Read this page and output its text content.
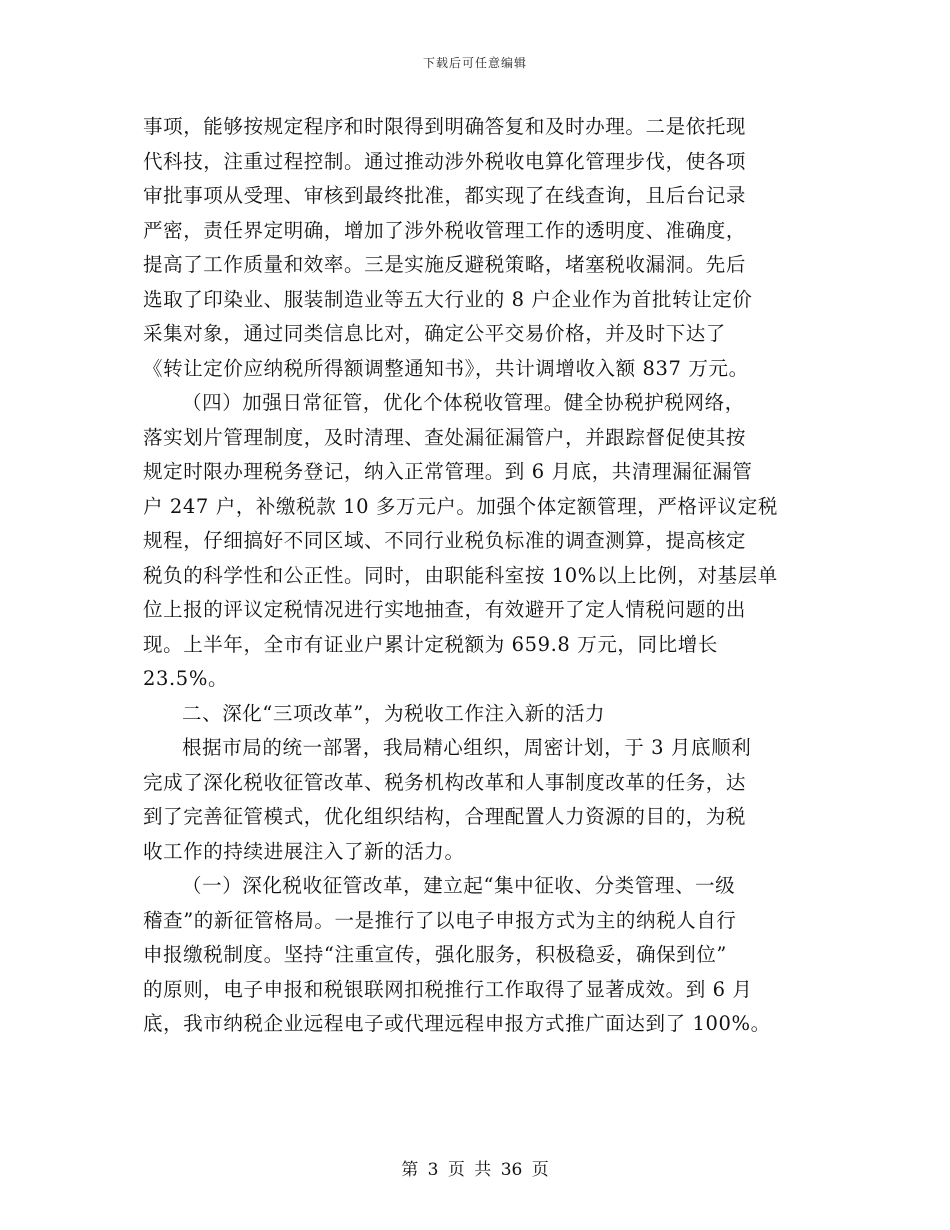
下载后可任意编辑
事项，能够按规定程序和时限得到明确答复和及时办理。二是依托现
代科技，注重过程控制。通过推动涉外税收电算化管理步伐，使各项
审批事项从受理、审核到最终批准，都实现了在线查询，且后台记录
严密，责任界定明确，增加了涉外税收管理工作的透明度、准确度，
提高了工作质量和效率。三是实施反避税策略，堵塞税收漏洞。先后
选取了印染业、服装制造业等五大行业的 8 户企业作为首批转让定价
采集对象，通过同类信息比对，确定公平交易价格，并及时下达了
《转让定价应纳税所得额调整通知书》，共计调增收入额 837 万元。
（四）加强日常征管，优化个体税收管理。健全协税护税网络，
落实划片管理制度，及时清理、查处漏征漏管户，并跟踪督促使其按
规定时限办理税务登记，纳入正常管理。到 6 月底，共清理漏征漏管
户 247 户，补缴税款 10 多万元户。加强个体定额管理，严格评议定税
规程，仔细搞好不同区域、不同行业税负标准的调查测算，提高核定
税负的科学性和公正性。同时，由职能科室按 10%以上比例，对基层单
位上报的评议定税情况进行实地抽查，有效避开了定人情税问题的出
现。上半年，全市有证业户累计定税额为 659.8 万元，同比增长
23.5%。
二、深化“三项改革”，为税收工作注入新的活力
根据市局的统一部署，我局精心组织，周密计划，于 3 月底顺利
完成了深化税收征管改革、税务机构改革和人事制度改革的任务，达
到了完善征管模式，优化组织结构，合理配置人力资源的目的，为税
收工作的持续进展注入了新的活力。
（一）深化税收征管改革，建立起“集中征收、分类管理、一级
稽查”的新征管格局。一是推行了以电子申报方式为主的纳税人自行
申报缴税制度。坚持“注重宣传，强化服务，积极稳妥，确保到位”
的原则，电子申报和税银联网扣税推行工作取得了显著成效。到 6 月
底，我市纳税企业远程电子或代理远程申报方式推广面达到了 100%。
第 3 页 共 36 页
